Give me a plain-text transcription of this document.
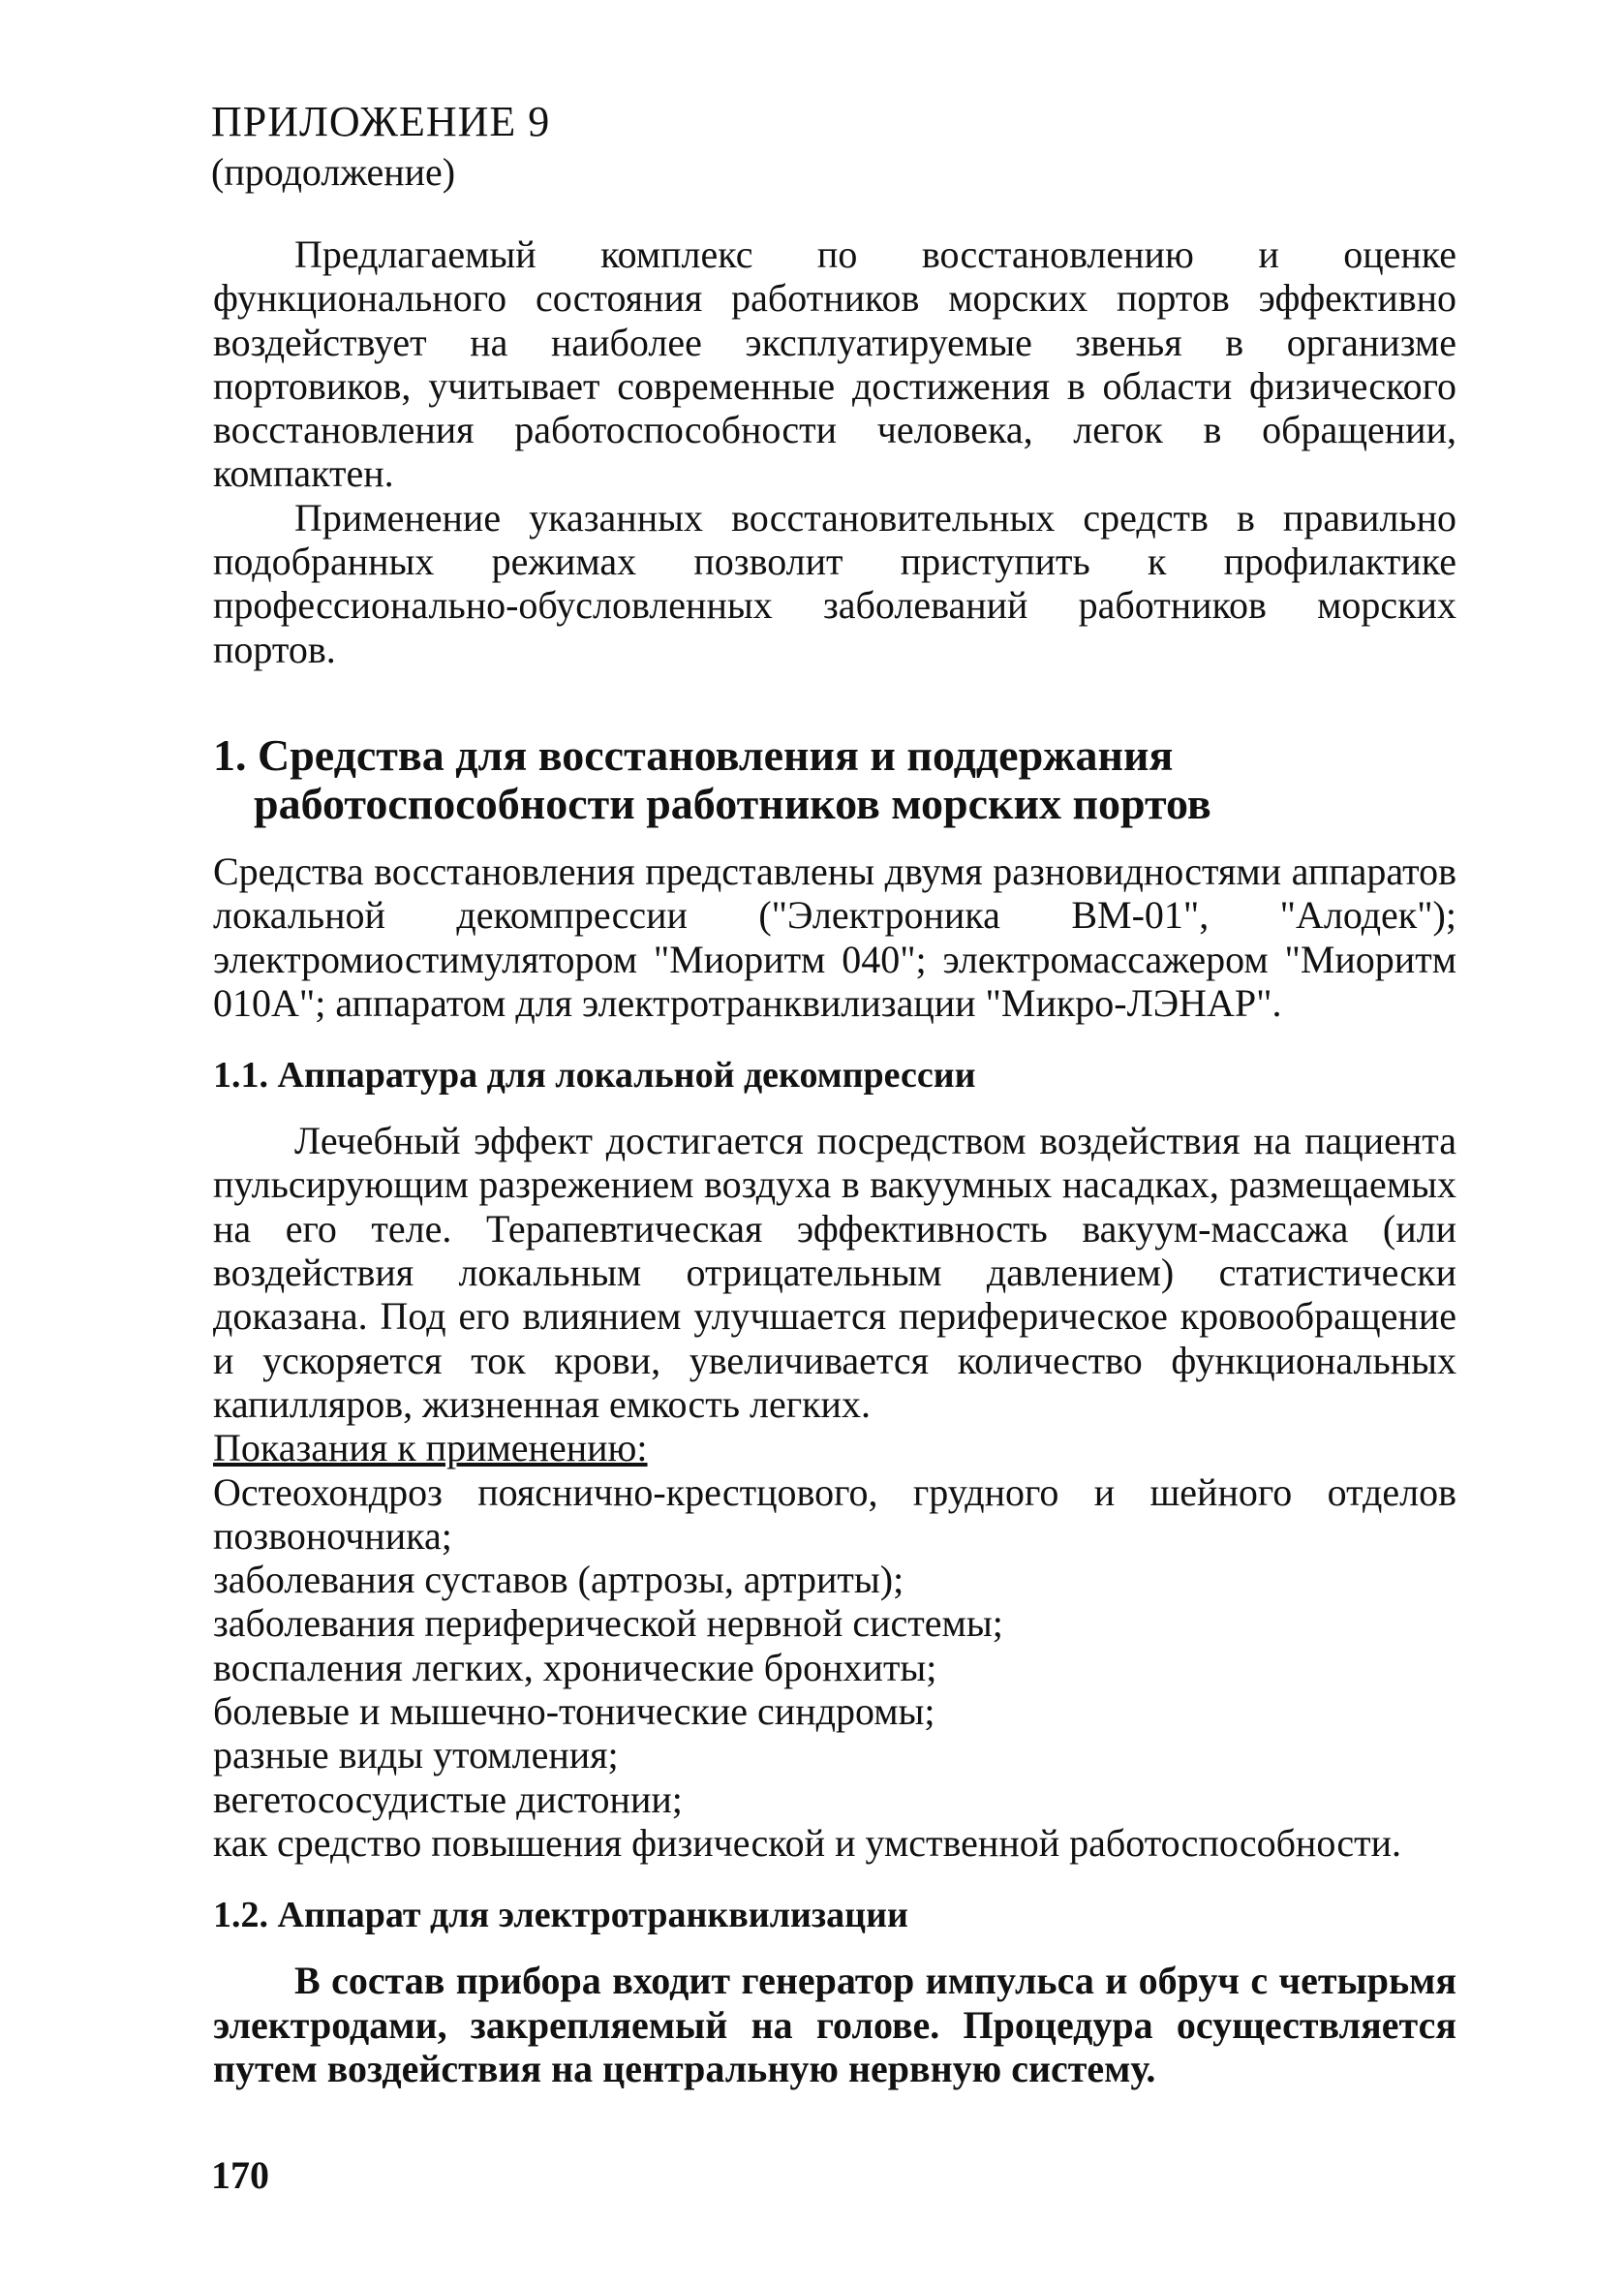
ПРИЛОЖЕНИЕ 9
(продолжение)

Предлагаемый комплекс по восстановлению и оценке функционального состояния работников морских портов эффективно воздействует на наиболее эксплуатируемые звенья в организме портовиков, учитывает современные достижения в области физического восстановления работоспособности человека, легок в обращении, компактен.

Применение указанных восстановительных средств в правильно подобранных режимах позволит приступить к профилактике профессионально-обусловленных заболеваний работников морских портов.

1. Средства для восстановления и поддержания
работоспособности работников морских портов

Средства восстановления представлены двумя разновидностями аппаратов локальной декомпрессии ("Электроника ВМ-01", "Алодек"); электромиостимулятором "Миоритм 040"; электромассажером "Миоритм 010А"; аппаратом для электротранквилизации "Микро-ЛЭНАР".

1.1. Аппаратура для локальной декомпрессии

Лечебный эффект достигается посредством воздействия на пациента пульсирующим разрежением воздуха в вакуумных насадках, размещаемых на его теле. Терапевтическая эффективность вакуум-массажа (или воздействия локальным отрицательным давлением) статистически доказана. Под его влиянием улучшается периферическое кровообращение и ускоряется ток крови, увеличивается количество функциональных капилляров, жизненная емкость легких.

Показания к применению:

Остеохондроз пояснично-крестцового, грудного и шейного отделов позвоночника;

заболевания суставов (артрозы, артриты);

заболевания периферической нервной системы;

воспаления легких, хронические бронхиты;

болевые и мышечно-тонические синдромы;

разные виды утомления;

вегетососудистые дистонии;

как средство повышения физической и умственной работоспособности.

1.2. Аппарат для электротранквилизации

В состав прибора входит генератор импульса и обруч с четырьмя электродами, закрепляемый на голове. Процедура осуществляется путем воздействия на центральную нервную систему.

170
